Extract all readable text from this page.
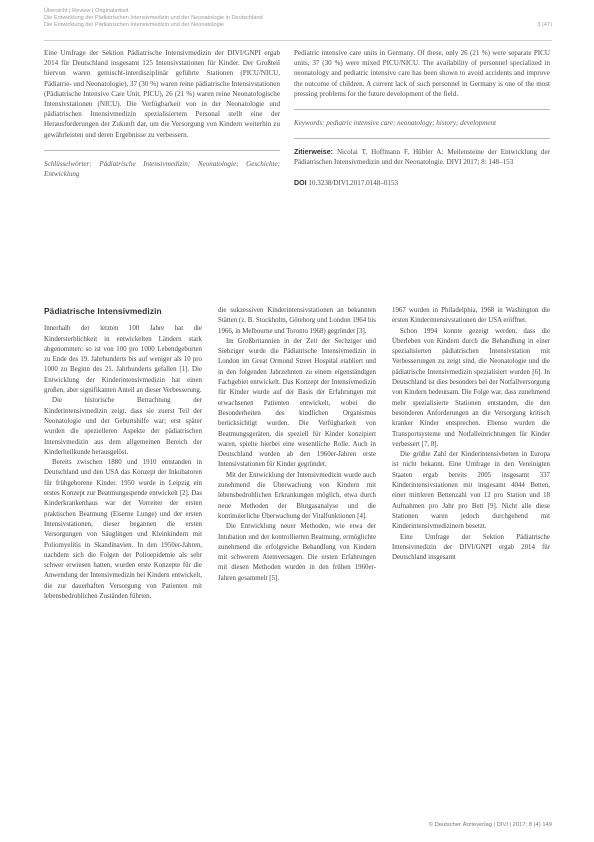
Übersicht | Review | Originalarbeit
Die Entwicklung der Pädiatrischen Intensivmedizin und der Neonatologie in Deutschland
Die Entwicklung der Pädiatrischen Intensivmedizin und der Neonatologie	3 (47)

Eine Umfrage der Sektion Pädiatrische Intensivmedizin der DIVI/GNPI ergab 2014 für Deutschland insgesamt 125 Intensivstationen für Kinder. Der Großteil hiervon waren gemischt-interdisziplinär geführte Stationen (PICU/NICU, Pädiatrie- und Neonatologie), 37 (30 %) waren reine pädiatrische Intensivstationen (Pädiatrische Intensive Care Unit, PICU), 26 (21 %) waren reine Neonatologische Intensivstationen (NICU). Die Verfügbarkeit von in der Neonatologie und pädiatrischen Intensivmedizin spezialisiertem Personal stellt eine der Herausforderungen der Zukunft dar, um die Versorgung von Kindern weiterhin zu gewährleisten und deren Ergebnisse zu verbessern.

Schlüsselwörter: Pädiatrische Intensivmedizin; Neonatologie; Geschichte; Entwicklung

Pediatric intensive care units in Germany. Of these, only 26 (21 %) were separate PICU units, 37 (30 %) were mixed PICU/NICU. The availability of personnel specialized in neonatology and pediatric intensive care has been shown to avoid accidents and improve the outcome of children. A current lack of such personnel in Germany is one of the most pressing problems for the future development of the field.

Keywords: pediatric intensive care; neonatology; history; development

Zitierweise: Nicolai T, Hoffmann F, Hübler A: Meilensteine der Entwicklung der Pädiatrischen Intensivmedizin und der Neonatologie. DIVI 2017; 8: 148–153

DOI 10.3238/DIVI.2017.0148–0153

Pädiatrische Intensivmedizin

Innerhalb der letzten 100 Jahre hat die Kindersterblichkeit in entwickelten Ländern stark abgenommen: so ist von 100 pro 1000 Lebendgeburten zu Ende des 19. Jahrhunderts bis auf weniger als 10 pro 1000 zu Beginn des 21. Jahrhunderts gefallen [1]. Die Entwicklung der Kinderintensivmedizin hat einen großen, aber signifikanten Anteil an dieser Verbesserung.

Die historische Betrachtung der Kinderintensivmedizin zeigt, dass sie zuerst Teil der Neonatologie und der Geburtshilfe war; erst später wurden die spezielleren Aspekte der pädiatrischen Intensivmedizin aus dem allgemeinen Bereich der Kinderheilkunde herausgelöst.

Bereits zwischen 1880 und 1910 entstanden in Deutschland und den USA das Konzept der Inkubatoren für frühgeborene Kinder. 1950 wurde in Leipzig ein erstes Konzept zur Beatmungsspende entwickelt [2]. Das Kinderkrankenhaus war der Vorreiter der ersten praktischen Beatmung (Eiserne Lunge) und der ersten Intensivstationen, dieser begannen die ersten Versorgungen von Säuglingen und Kleinkindern mit Poliomyelitis in Skandinavien. In den 1950er-Jahren, nachdem sich die Folgen der Polioepidemie als sehr schwer erwiesen hatten, wurden erste Konzepte für die Anwendung der Intensivmedizin bei Kindern entwickelt, die zur dauerhaften Versorgung von Patienten mit lebensbedrohlichen Zuständen führten.

die sukzessiven Kinderintensivstationen an bekannten Stätten (z. B. Stockholm, Göteborg und London 1964 bis 1966, in Melbourne und Toronto 1968) gegründet [3].

Im Großbritannien in der Zeit der Sechziger und Siebziger wurde die Pädiatrische Intensivmedizin in London im Great Ormond Street Hospital etabliert und in den folgenden Jahrzehnten zu einem eigenständigen Fachgebiet entwickelt. Das Konzept der Intensivmedizin für Kinder wurde auf der Basis der Erfahrungen mit erwachsenen Patienten entwickelt, wobei die Besonderheiten des kindlichen Organismus berücksichtigt wurden. Die Verfügbarkeit von Beatmungsgeräten, die speziell für Kinder konzipiert waren, spielte hierbei eine wesentliche Rolle. Auch in Deutschland wurden ab den 1960er-Jahren erste Intensivstationen für Kinder gegründet.

Mit der Entwicklung der Intensivmedizin wurde auch zunehmend die Überwachung von Kindern mit lebensbedrohlichen Erkrankungen möglich, etwa durch neue Methoden der Blutgasanalyse und die kontinuierliche Überwachung der Vitalfunktionen [4].

Die Entwicklung neuer Methoden, wie etwa der Intubation und der kontrollierten Beatmung, ermöglichte zunehmend die erfolgreiche Behandlung von Kindern mit schwerem Atemversagen. Die ersten Erfahrungen mit diesen Methoden wurden in den frühen 1960er-Jahren gesammelt [5].

1967 wurden in Philadelphia, 1968 in Washington die ersten Kinderintensivstationen der USA eröffnet.

Schon 1994 konnte gezeigt werden, dass die Überleben von Kindern durch die Behandlung in einer spezialisierten pädiatrischen Intensivstation mit Verbesserungen zu zeigt sind, die Neonatologie und die pädiatrische Intensivmedizin spezialisiert wurden [6]. In Deutschland ist dies besonders bei der Notfallversorgung von Kindern bedeutsam. Die Folge war, dass zunehmend mehr spezialisierte Stationen entstanden, die den besonderen Anforderungen an die Versorgung kritisch kranker Kinder entsprechen. Ebenso wurden die Transportsysteme und Notfalleinrichtungen für Kinder verbessert [7, 8].

Die größte Zahl der Kinderintensivbetten in Europa ist nicht bekannt. Eine Umfrage in den Vereinigten Staaten ergab bereits 2005 insgesamt 337 Kinderintensivstationen mit insgesamt 4044 Betten, einer mittleren Bettenzahl von 12 pro Station und 18 Aufnahmen pro Jahr pro Bett [9]. Nicht alle diese Stationen waren jedoch durchgehend mit Kinderintensivmedizinern besetzt.

Eine Umfrage der Sektion Pädiatrische Intensivmedizin der DIVI/GNPI ergab 2014 für Deutschland insgesamt

© Deutscher Ärzteverlag | DIVI | 2017; 8 (4) 149
